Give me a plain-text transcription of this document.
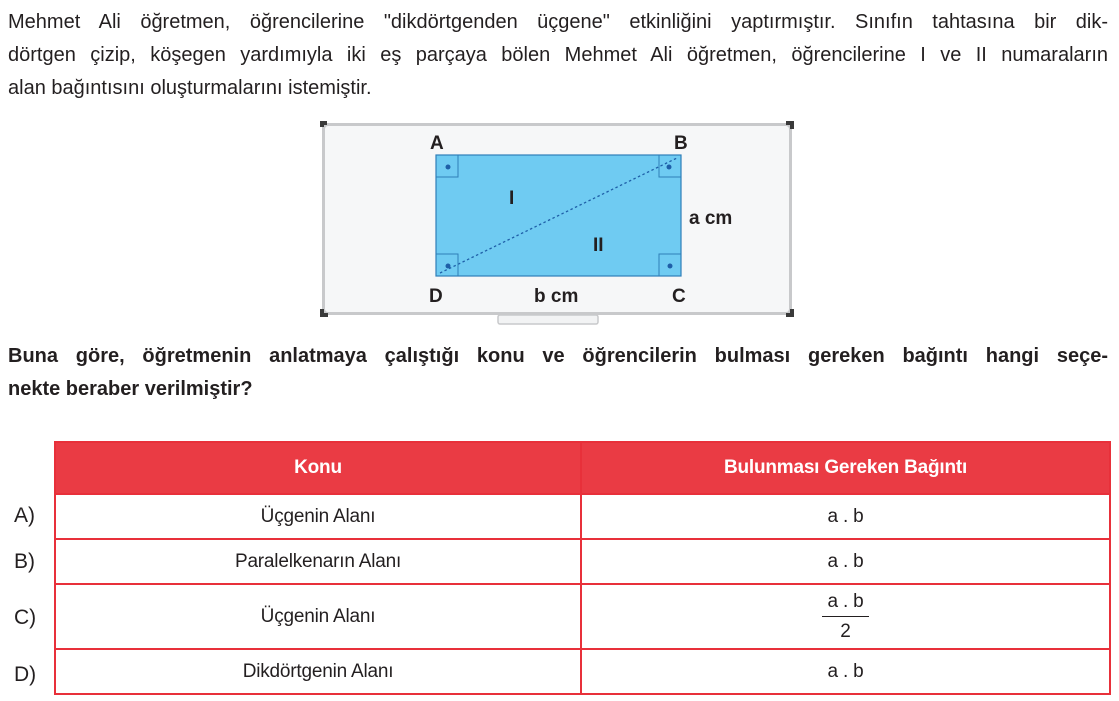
Mehmet Ali öğretmen, öğrencilerine "dikdörtgenden üçgene" etkinliğini yaptırmıştır. Sınıfın tahtasına bir dik-
dörtgen çizip, köşegen yardımıyla iki eş parçaya bölen Mehmet Ali öğretmen, öğrencilerine I ve II numaraların
alan bağıntısını oluşturmalarını istemiştir.

A	B
C
D
I
II
b cm
a cm

Buna göre, öğretmenin anlatmaya çalıştığı konu ve öğrencilerin bulması gereken bağıntı hangi seçe-
nekte beraber verilmiştir?

A)
B)
C)
D)
Konu	Bulunması Gereken Bağıntı
Üçgenin Alanı	a . b
Paralelkenarın Alanı	a . b
Üçgenin Alanı	$\frac{a . b}{2}$

Dikdörtgenin Alanı	a . b
